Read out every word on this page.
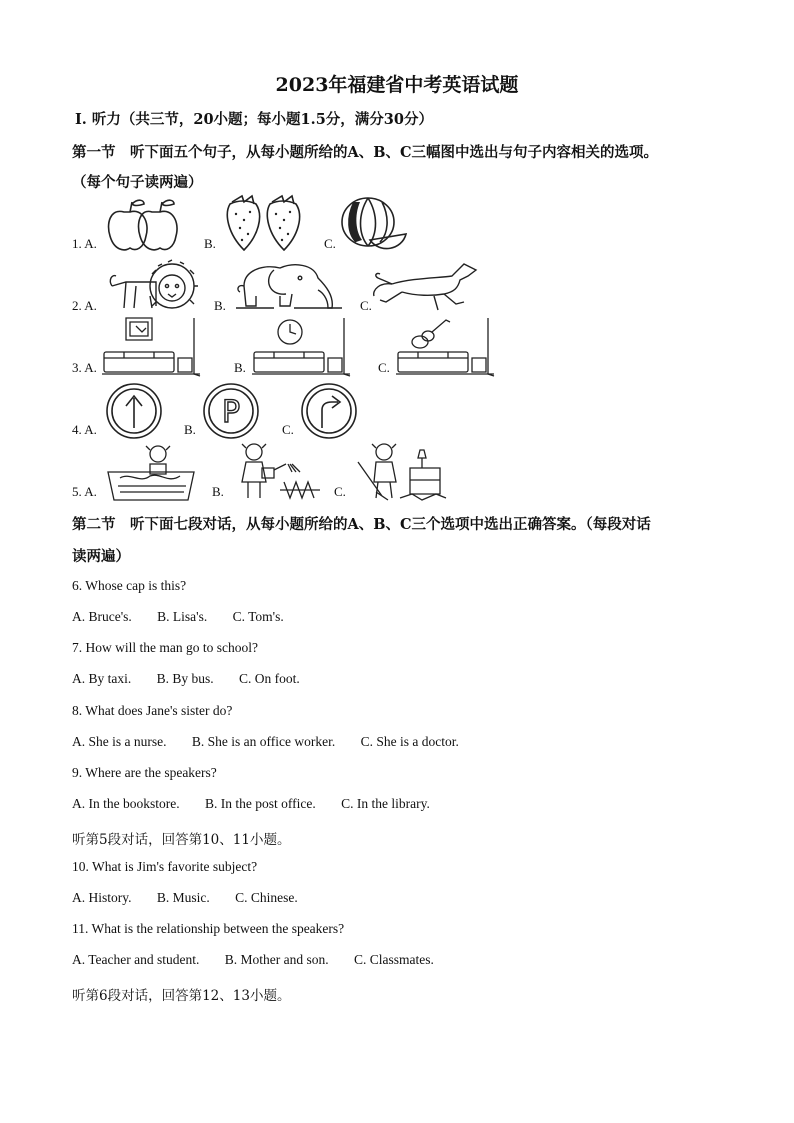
2023年福建省中考英语试题
Ⅰ. 听力（共三节，20小题；每小题1.5分，满分30分）
第一节　听下面五个句子，从每小题所给的A、B、C三幅图中选出与句子内容相关的选项。
（每个句子读两遍）
1. A.	B.	C.
2. A.	B.	C.
3. A.	B.	C.
4. A.	B. P	C.
5. A.	B.	C.
第二节　听下面七段对话，从每小题所给的A、B、C三个选项中选出正确答案。（每段对话
读两遍）
6. Whose cap is this?
A. Bruce's. B. Lisa's. C. Tom's.
7. How will the man go to school?
A. By taxi. B. By bus. C. On foot.
8. What does Jane's sister do?
A. She is a nurse. B. She is an office worker. C. She is a doctor.
9. Where are the speakers?
A. In the bookstore. B. In the post office. C. In the library.
听第5段对话，回答第10、11小题。
10. What is Jim's favorite subject?
A. History. B. Music. C. Chinese.
11. What is the relationship between the speakers?
A. Teacher and student. B. Mother and son. C. Classmates.
听第6段对话，回答第12、13小题。
